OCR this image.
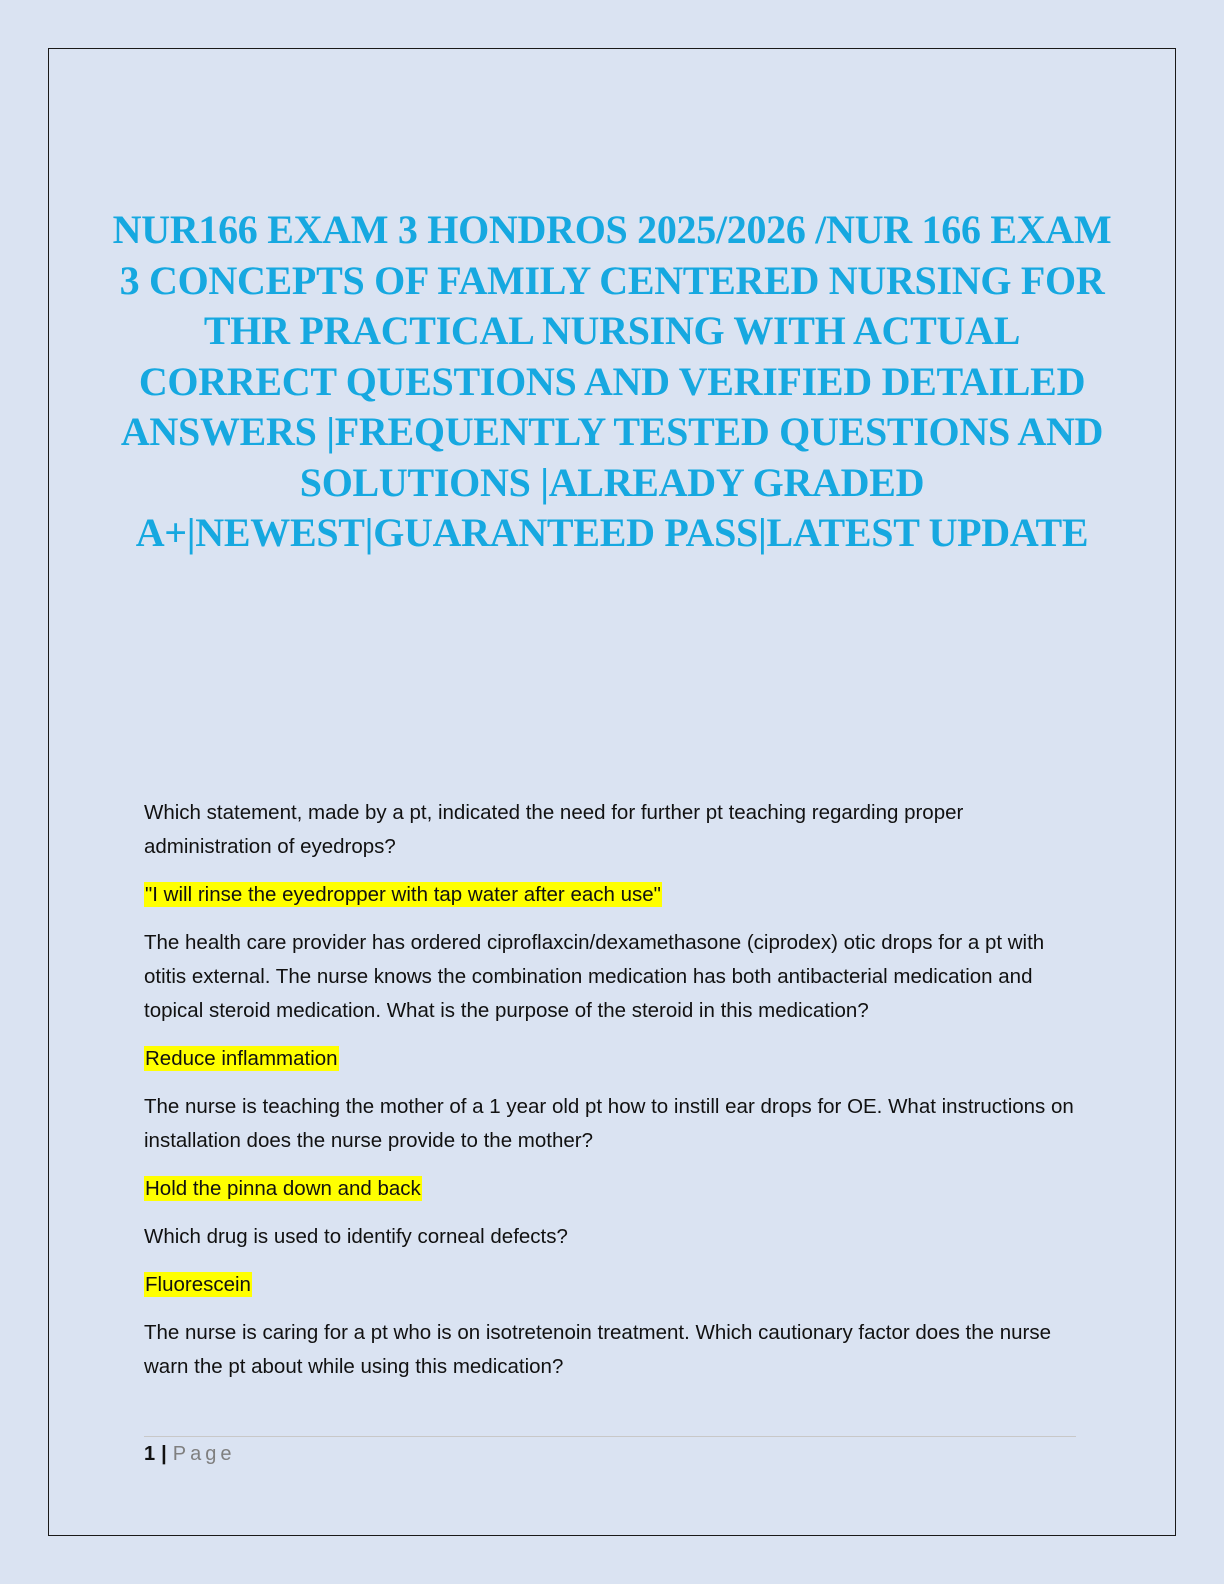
NUR166 EXAM 3 HONDROS 2025/2026 /NUR 166 EXAM 3 CONCEPTS OF FAMILY CENTERED NURSING FOR THR PRACTICAL NURSING WITH ACTUAL CORRECT QUESTIONS AND VERIFIED DETAILED ANSWERS |FREQUENTLY TESTED QUESTIONS AND SOLUTIONS |ALREADY GRADED A+|NEWEST|GUARANTEED PASS|LATEST UPDATE

Which statement, made by a pt, indicated the need for further pt teaching regarding proper administration of eyedrops?

"I will rinse the eyedropper with tap water after each use"

The health care provider has ordered ciproflaxcin/dexamethasone (ciprodex) otic drops for a pt with otitis external. The nurse knows the combination medication has both antibacterial medication and topical steroid medication. What is the purpose of the steroid in this medication?

Reduce inflammation

The nurse is teaching the mother of a 1 year old pt how to instill ear drops for OE. What instructions on installation does the nurse provide to the mother?

Hold the pinna down and back

Which drug is used to identify corneal defects?

Fluorescein

The nurse is caring for a pt who is on isotretenoin treatment. Which cautionary factor does the nurse warn the pt about while using this medication?

1 | Page
